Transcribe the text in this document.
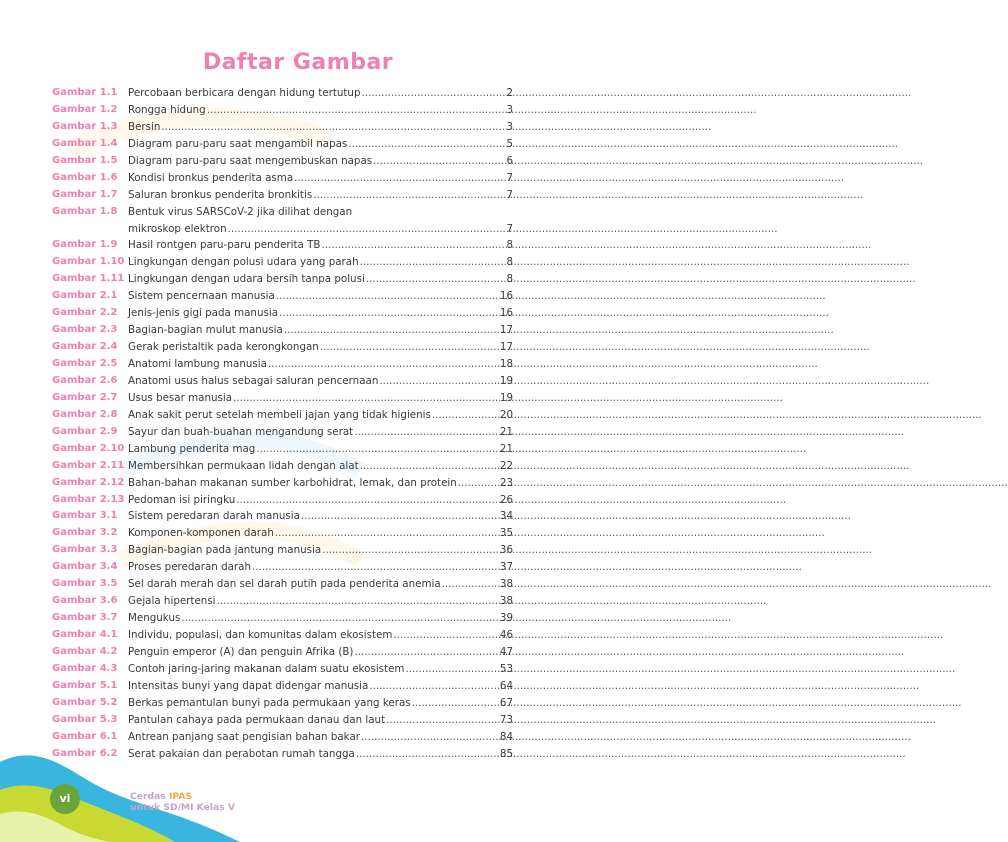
Daftar Gambar
Gambar 1.1	Percobaan berbicara dengan hidung tertutup .....	2
Gambar 1.2	Rongga hidung .....	3
Gambar 1.3	Bersin .....	3
Gambar 1.4	Diagram paru-paru saat mengambil napas .....	5
Gambar 1.5	Diagram paru-paru saat mengembuskan napas .....	6
Gambar 1.6	Kondisi bronkus penderita asma .....	7
Gambar 1.7	Saluran bronkus penderita bronkitis .....	7
Gambar 1.8	Bentuk virus SARSCoV-2 jika dilihat dengan
mikroskop elektron .....	7
Gambar 1.9	Hasil rontgen paru-paru penderita TB .....	8
Gambar 1.10 Lingkungan dengan polusi udara yang parah .....	8
Gambar 1.11 Lingkungan dengan udara bersih tanpa polusi .....	8
Gambar 2.1	Sistem pencernaan manusia .....	16
Gambar 2.2	Jenis-jenis gigi pada manusia .....	16
Gambar 2.3	Bagian-bagian mulut manusia .....	17
Gambar 2.4	Gerak peristaltik pada kerongkongan .....	17
Gambar 2.5	Anatomi lambung manusia .....	18
Gambar 2.6	Anatomi usus halus sebagai saluran pencernaan .....	19
Gambar 2.7	Usus besar manusia .....	19
Gambar 2.8	Anak sakit perut setelah membeli jajan yang tidak higienis .....	20
Gambar 2.9	Sayur dan buah-buahan mengandung serat .....	21
Gambar 2.10 Lambung penderita mag .....	21
Gambar 2.11 Membersihkan permukaan lidah dengan alat .....	22
Gambar 2.12 Bahan-bahan makanan sumber karbohidrat, lemak, dan protein .....	23
Gambar 2.13 Pedoman isi piringku .....	26
Gambar 3.1	Sistem peredaran darah manusia .....	34
Gambar 3.2	Komponen-komponen darah .....	35
Gambar 3.3	Bagian-bagian pada jantung manusia .....	36
Gambar 3.4	Proses peredaran darah .....	37
Gambar 3.5	Sel darah merah dan sel darah putih pada penderita anemia .....	38
Gambar 3.6	Gejala hipertensi .....	38
Gambar 3.7	Mengukus .....	39
Gambar 4.1	Individu, populasi, dan komunitas dalam ekosistem .....	46
Gambar 4.2	Penguin emperor (A) dan penguin Afrika (B) .....	47
Gambar 4.3	Contoh jaring-jaring makanan dalam suatu ekosistem .....	53
Gambar 5.1	Intensitas bunyi yang dapat didengar manusia .....	64
Gambar 5.2	Berkas pemantulan bunyi pada permukaan yang keras .....	67
Gambar 5.3	Pantulan cahaya pada permukaan danau dan laut .....	73
Gambar 6.1	Antrean panjang saat pengisian bahan bakar .....	84
Gambar 6.2	Serat pakaian dan perabotan rumah tangga .....	85
vi	Cerdas IPAS
untuk SD/MI Kelas V
